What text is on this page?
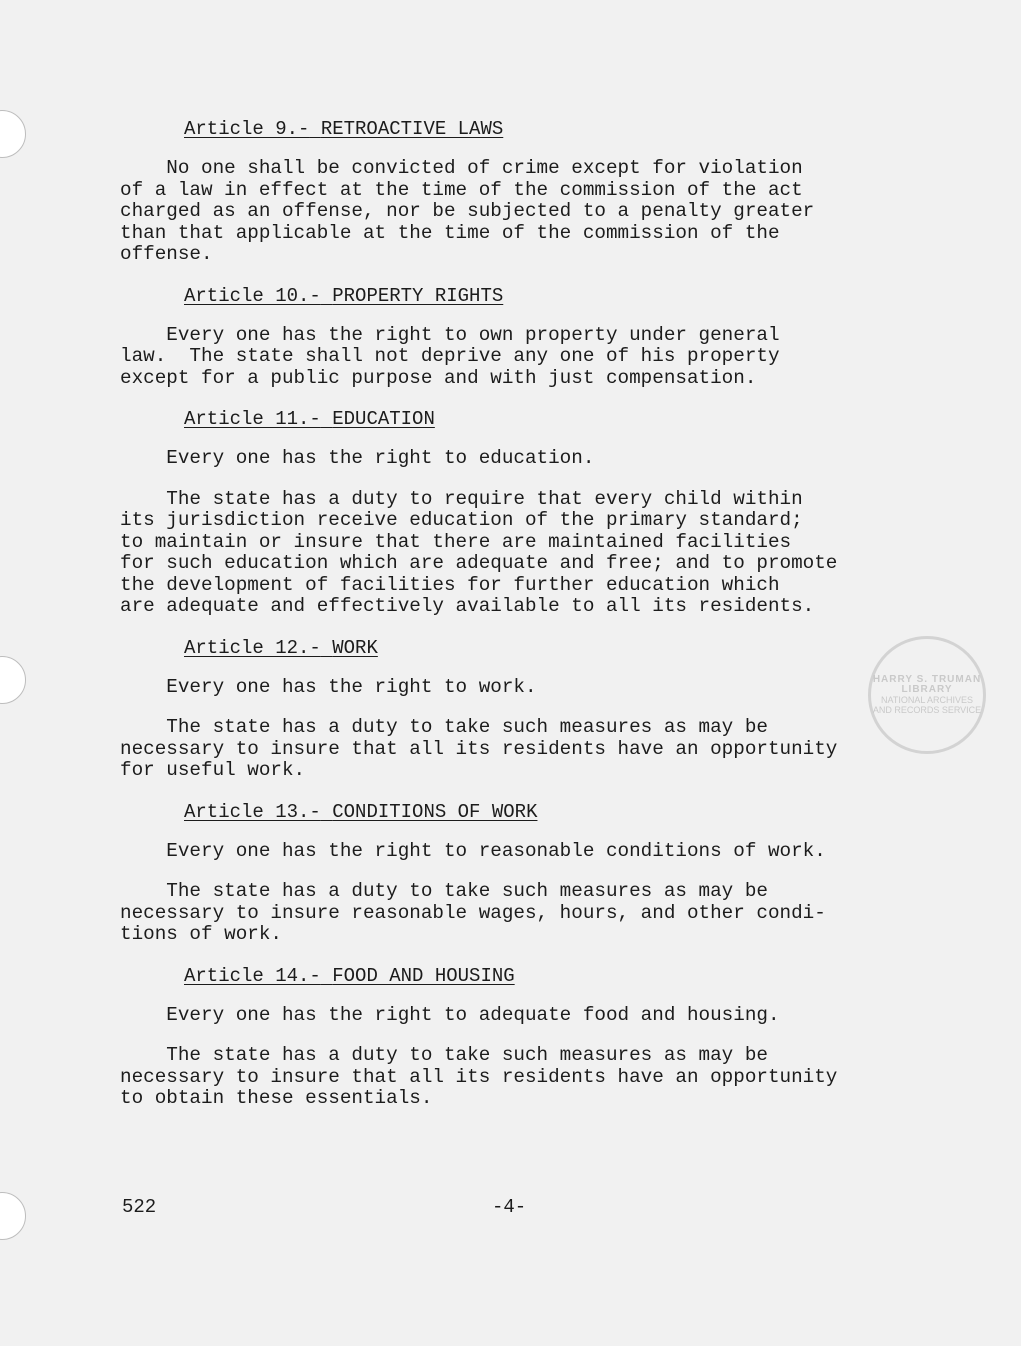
Article 9.- RETROACTIVE LAWS
No one shall be convicted of crime except for violation
of a law in effect at the time of the commission of the act
charged as an offense, nor be subjected to a penalty greater
than that applicable at the time of the commission of the
offense.
Article 10.- PROPERTY RIGHTS
Every one has the right to own property under general
law.  The state shall not deprive any one of his property
except for a public purpose and with just compensation.
Article 11.- EDUCATION
Every one has the right to education.
The state has a duty to require that every child within
its jurisdiction receive education of the primary standard;
to maintain or insure that there are maintained facilities
for such education which are adequate and free; and to promote
the development of facilities for further education which
are adequate and effectively available to all its residents.
Article 12.- WORK
Every one has the right to work.
The state has a duty to take such measures as may be
necessary to insure that all its residents have an opportunity
for useful work.
Article 13.- CONDITIONS OF WORK
Every one has the right to reasonable conditions of work.
The state has a duty to take such measures as may be
necessary to insure reasonable wages, hours, and other condi-
tions of work.
Article 14.- FOOD AND HOUSING
Every one has the right to adequate food and housing.
The state has a duty to take such measures as may be
necessary to insure that all its residents have an opportunity
to obtain these essentials.
HARRY S. TRUMAN LIBRARY
NATIONAL ARCHIVES AND RECORDS SERVICE
522	-4-
